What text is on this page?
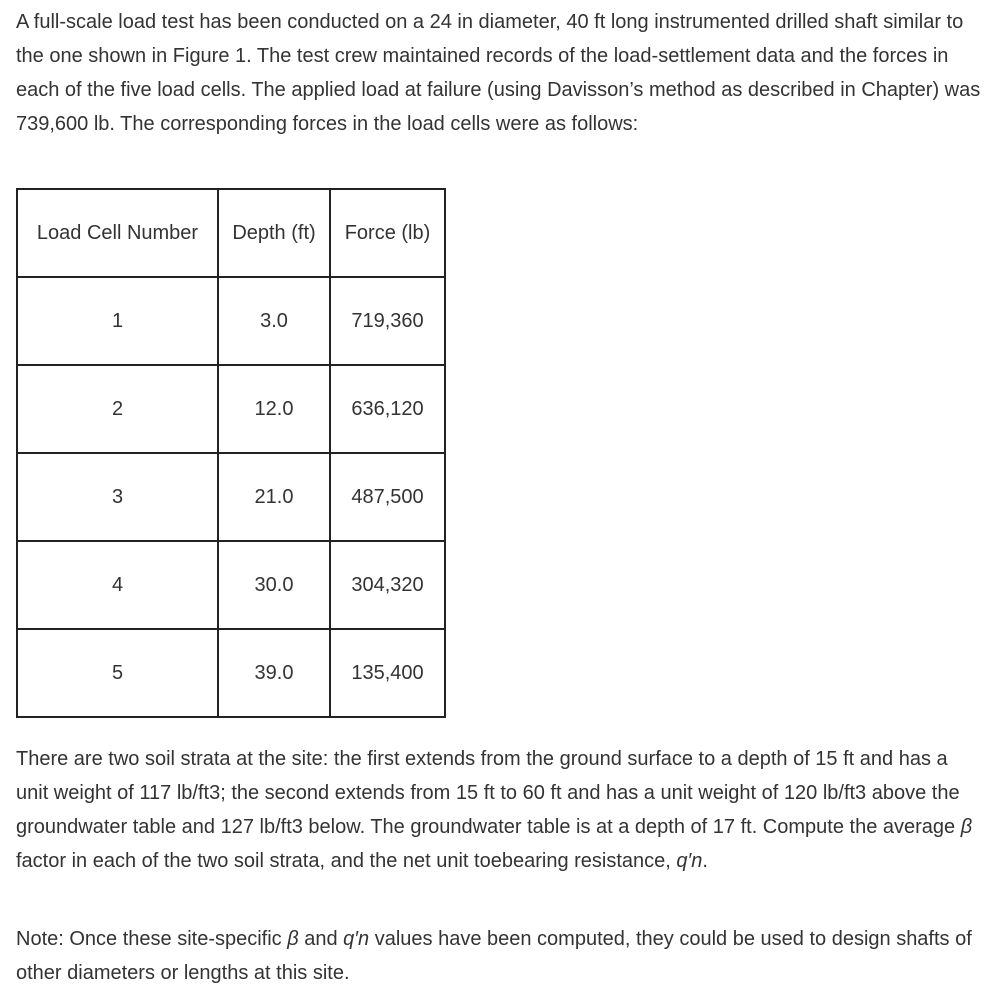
A full-scale load test has been conducted on a 24 in diameter, 40 ft long instrumented drilled shaft similar to the one shown in Figure 1. The test crew maintained records of the load-settlement data and the forces in each of the five load cells. The applied load at failure (using Davisson’s method as described in Chapter) was 739,600 lb. The corresponding forces in the load cells were as follows:

Load Cell Number	Depth (ft)	Force (lb)
1	3.0	719,360
2	12.0	636,120
3	21.0	487,500
4	30.0	304,320
5	39.0	135,400

There are two soil strata at the site: the first extends from the ground surface to a depth of 15 ft and has a unit weight of 117 lb/ft3; the second extends from 15 ft to 60 ft and has a unit weight of 120 lb/ft3 above the groundwater table and 127 lb/ft3 below. The groundwater table is at a depth of 17 ft. Compute the average β factor in each of the two soil strata, and the net unit toebearing resistance, q′n.

Note: Once these site-specific β and q′n values have been computed, they could be used to design shafts of other diameters or lengths at this site.
